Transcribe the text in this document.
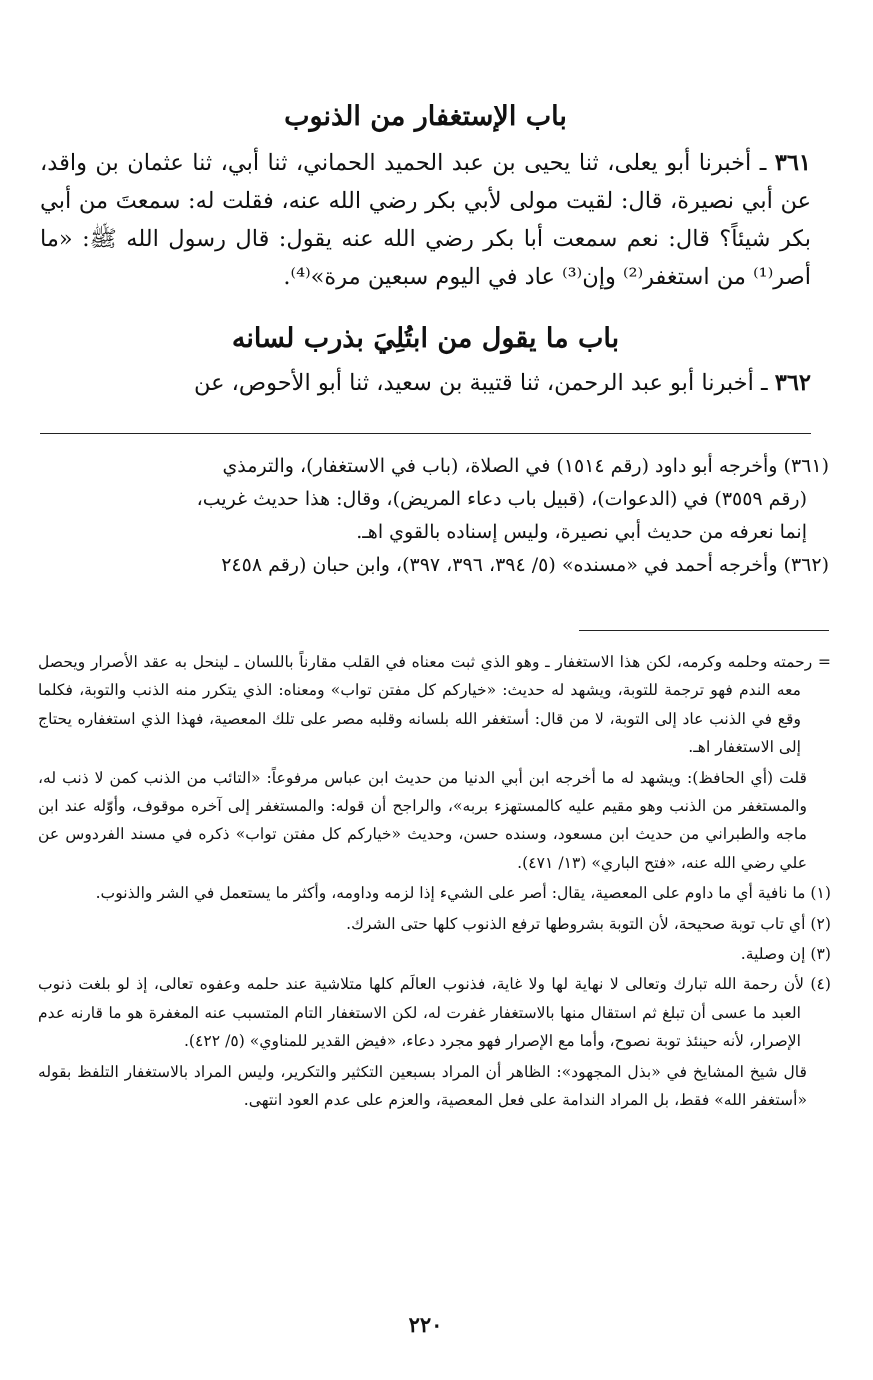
باب الإستغفار من الذنوب

٣٦١ ـ أخبرنا أبو يعلى، ثنا يحيى بن عبد الحميد الحماني، ثنا أبي، ثنا عثمان بن واقد، عن أبي نصيرة، قال: لقيت مولى لأبي بكر رضي الله عنه، فقلت له: سمعتَ من أبي بكر شيئاً؟ قال: نعم سمعت أبا بكر رضي الله عنه يقول: قال رسول الله ﷺ: «ما أصر⁽¹⁾ من استغفر⁽²⁾ وإن⁽³⁾ عاد في اليوم سبعين مرة»⁽⁴⁾.

باب ما يقول من ابتُلِيَ بذرب لسانه

٣٦٢ ـ أخبرنا أبو عبد الرحمن، ثنا قتيبة بن سعيد، ثنا أبو الأحوص، عن

(٣٦١) وأخرجه أبو داود (رقم ١٥١٤) في الصلاة، (باب في الاستغفار)، والترمذي

(رقم ٣٥٥٩) في (الدعوات)، (قبيل باب دعاء المريض)، وقال: هذا حديث غريب،

إنما نعرفه من حديث أبي نصيرة، وليس إسناده بالقوي اهـ.

(٣٦٢) وأخرجه أحمد في «مسنده» (٥/ ٣٩٤، ٣٩٦، ٣٩٧)، وابن حبان (رقم ٢٤٥٨

= رحمته وحلمه وكرمه، لكن هذا الاستغفار ـ وهو الذي ثبت معناه في القلب مقارناً باللسان ـ لينحل به عقد الأصرار ويحصل معه الندم فهو ترجمة للتوبة، ويشهد له حديث: «خياركم كل مفتن تواب» ومعناه: الذي يتكرر منه الذنب والتوبة، فكلما وقع في الذنب عاد إلى التوبة، لا من قال: أستغفر الله بلسانه وقلبه مصر على تلك المعصية، فهذا الذي استغفاره يحتاج إلى الاستغفار اهـ.

قلت (أي الحافظ): ويشهد له ما أخرجه ابن أبي الدنيا من حديث ابن عباس مرفوعاً: «التائب من الذنب كمن لا ذنب له، والمستغفر من الذنب وهو مقيم عليه كالمستهزء بربه»، والراجح أن قوله: والمستغفر إلى آخره موقوف، وأوّله عند ابن ماجه والطبراني من حديث ابن مسعود، وسنده حسن، وحديث «خياركم كل مفتن تواب» ذكره في مسند الفردوس عن علي رضي الله عنه، «فتح الباري» (١٣/ ٤٧١).

(١) ما نافية أي ما داوم على المعصية، يقال: أصر على الشيء إذا لزمه وداومه، وأكثر ما يستعمل في الشر والذنوب.

(٢) أي تاب توبة صحيحة، لأن التوبة بشروطها ترفع الذنوب كلها حتى الشرك.

(٣) إن وصلية.

(٤) لأن رحمة الله تبارك وتعالى لا نهاية لها ولا غاية، فذنوب العالَم كلها متلاشية عند حلمه وعفوه تعالى، إذ لو بلغت ذنوب العبد ما عسى أن تبلغ ثم استقال منها بالاستغفار غفرت له، لكن الاستغفار التام المتسبب عنه المغفرة هو ما قارنه عدم الإصرار، لأنه حينئذ توبة نصوح، وأما مع الإصرار فهو مجرد دعاء، «فيض القدير للمناوي» (٥/ ٤٢٢).

قال شيخ المشايخ في «بذل المجهود»: الظاهر أن المراد بسبعين التكثير والتكرير، وليس المراد بالاستغفار التلفظ بقوله «أستغفر الله» فقط، بل المراد الندامة على فعل المعصية، والعزم على عدم العود انتهى.

٢٢٠
